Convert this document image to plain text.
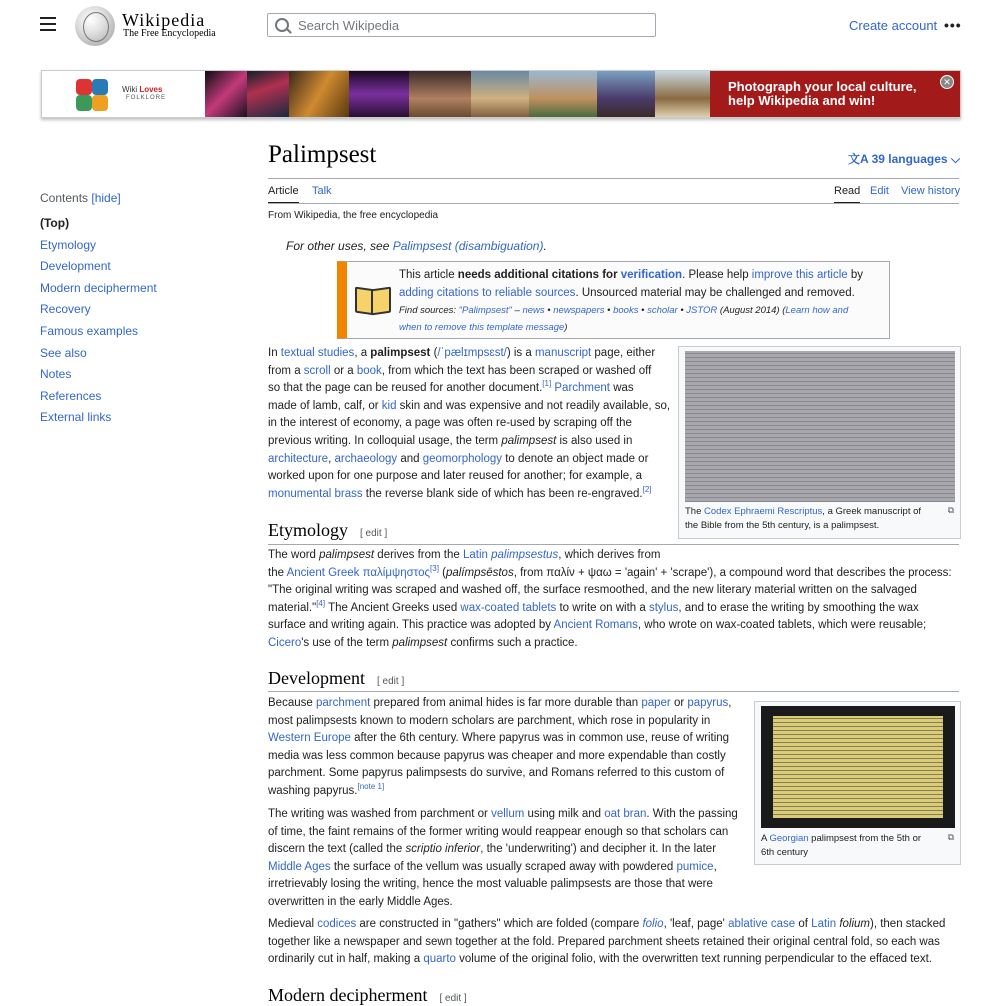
Wikipedia
The Free Encyclopedia
Search Wikipedia
Create account •••
Wiki Loves
FOLKLORE
Photograph your local culture,
help Wikipedia and win!
✕
Palimpsest	文A 39 languages ⌵
Article Talk	Read Edit View history
From Wikipedia, the free encyclopedia
Contents [hide]
(Top)
Etymology
Development
Modern decipherment
Recovery
Famous examples
See also
Notes
References
External links
For other uses, see Palimpsest (disambiguation).
This article needs additional citations for verification. Please help improve this article by
adding citations to reliable sources. Unsourced material may be challenged and removed.
Find sources: "Palimpsest" – news • newspapers • books • scholar • JSTOR (August 2014) (Learn how and
when to remove this template message)
The Codex Ephraemi Rescriptus, a Greek manuscript of
the Bible from the 5th century, is a palimpsest.
⧉
In textual studies, a palimpsest (/ˈpælɪmpsɛst/) is a manuscript page, either
from a scroll or a book, from which the text has been scraped or washed off
so that the page can be reused for another document.[1] Parchment was
made of lamb, calf, or kid skin and was expensive and not readily available, so,
in the interest of economy, a page was often re-used by scraping off the
previous writing. In colloquial usage, the term palimpsest is also used in
architecture, archaeology and geomorphology to denote an object made or
worked upon for one purpose and later reused for another; for example, a
monumental brass the reverse blank side of which has been re-engraved.[2]
Etymology [ edit ]
The word palimpsest derives from the Latin palimpsestus, which derives from
the Ancient Greek παλίμψηστος[3] (palímpsēstos, from παλίν + ψαω = 'again' + 'scrape'), a compound word that describes the process:
"The original writing was scraped and washed off, the surface resmoothed, and the new literary material written on the salvaged
material."[4] The Ancient Greeks used wax-coated tablets to write on with a stylus, and to erase the writing by smoothing the wax
surface and writing again. This practice was adopted by Ancient Romans, who wrote on wax-coated tablets, which were reusable;
Cicero's use of the term palimpsest confirms such a practice.
Development [ edit ]
A Georgian palimpsest from the 5th or
6th century
⧉
Because parchment prepared from animal hides is far more durable than paper or papyrus,
most palimpsests known to modern scholars are parchment, which rose in popularity in
Western Europe after the 6th century. Where papyrus was in common use, reuse of writing
media was less common because papyrus was cheaper and more expendable than costly
parchment. Some papyrus palimpsests do survive, and Romans referred to this custom of
washing papyrus.[note 1]
The writing was washed from parchment or vellum using milk and oat bran. With the passing
of time, the faint remains of the former writing would reappear enough so that scholars can
discern the text (called the scriptio inferior, the 'underwriting') and decipher it. In the later
Middle Ages the surface of the vellum was usually scraped away with powdered pumice,
irretrievably losing the writing, hence the most valuable palimpsests are those that were
overwritten in the early Middle Ages.
Medieval codices are constructed in "gathers" which are folded (compare folio, 'leaf, page' ablative case of Latin folium), then stacked
together like a newspaper and sewn together at the fold. Prepared parchment sheets retained their original central fold, so each was
ordinarily cut in half, making a quarto volume of the original folio, with the overwritten text running perpendicular to the effaced text.
Modern decipherment [ edit ]
